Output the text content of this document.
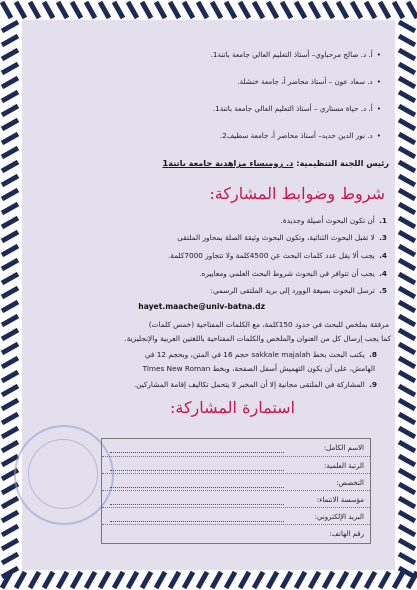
• أ. د. صالح مرحباوي– أستاذ التعليم العالي جامعة باتنة1.
• د. سعاد عون – أستاذ محاضر أ، جامعة خنشلة.
• أ. د. حياة مستاري – أستاذ التعليم العالي جامعة باتنة1.
• د. نور الدين حديد– أستاذ محاضر أ، جامعة سطيف2.
رئيس اللجنة التنظيمية: د. روميساء مزاهدية جامعة باتنة1
شروط وضوابط المشاركة:
1. أن تكون البحوث أصيلة وجديدة.
3. لا تقبل البحوث الثنائية، وتكون البحوث وثيقة الصلة بمحاور الملتقى
4. يجب ألا يقل عدد كلمات البحث عن 4500كلمة ولا تتجاوز 7000كلمة.
4. يجب أن تتوافر في البحوث شروط البحث العلمي ومعاييره.
5. ترسل البحوث بصيغة الوورد إلى بريد الملتقى الرسمي:
hayet.maache@univ-batna.dz
مرفقة بملخص للبحث في حدود 150كلمة، مع الكلمات المفتاحية (خمس كلمات)
كما يجب إرسال كل من العنوان والملخص والكلمات المفتاحية باللغتين العربية والإنجليزية.
8. يكتب البحث بخط sakkale majalah حجم 16 في المتن، وبحجم 12 في
الهامش، على أن يكون التهميش أسفل الصفحة، وبخط Times New Roman
9. المشاركة في الملتقى مجانية إلا أن المخبر لا يتحمل تكاليف إقامة المشاركين.
استمارة المشاركة:
الاسم الكامل:
الرتبة العلمية:
التخصص:
مؤسسة الانتماء:
البريد الإلكتروني:
رقم الهاتف:
